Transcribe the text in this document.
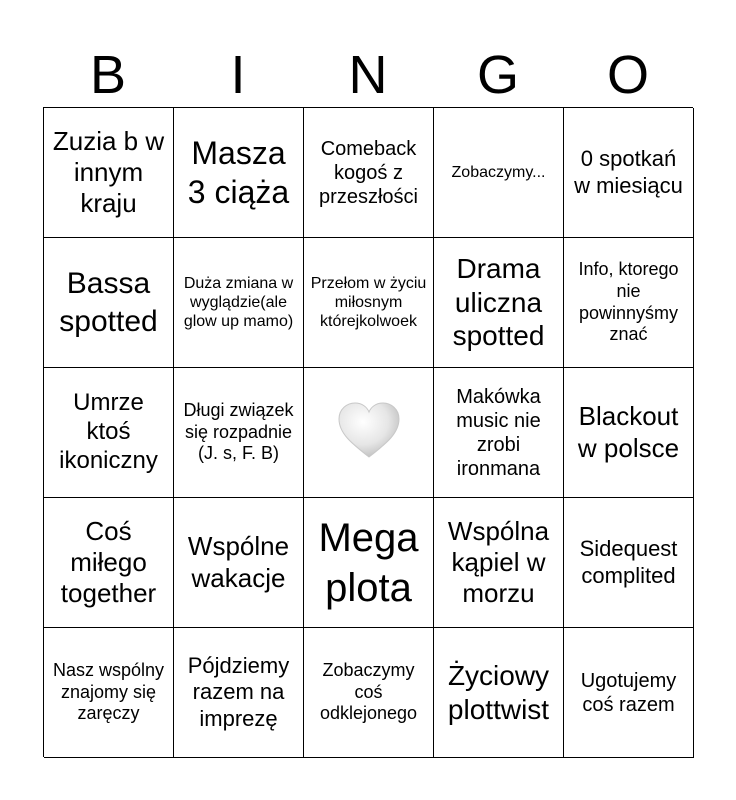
B	I	N	G	O
Zuzia b w innym kraju
Masza 3 ciąża
Comeback kogoś z przeszłości
Zobaczymy...
0 spotkań w miesiącu
Bassa spotted
Duża zmiana w wyglądzie(ale glow up mamo)
Przełom w życiu miłosnym którejkolwoek
Drama uliczna spotted
Info, ktorego nie powinnyśmy znać
Umrze ktoś ikoniczny
Długi związek się rozpadnie (J. s, F. B)
Makówka music nie zrobi ironmana
Blackout w polsce
Coś miłego together
Wspólne wakacje
Mega plota
Wspólna kąpiel w morzu
Sidequest complited
Nasz wspólny znajomy się zaręczy
Pójdziemy razem na imprezę
Zobaczymy coś odklejonego
Życiowy plottwist
Ugotujemy coś razem
